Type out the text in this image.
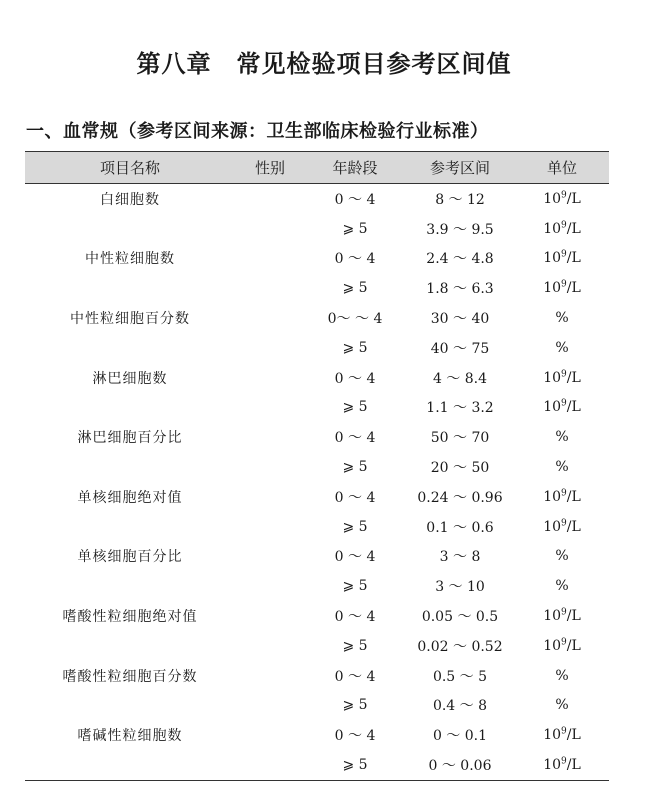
第八章　常见检验项目参考区间值
一、血常规（参考区间来源：卫生部临床检验行业标准）
项目名称	性别	年龄段	参考区间	单位
白细胞数		0 ～ 4	8 ～ 12	$10^9/L$
		⩾ 5	3.9 ～ 9.5	$10^9/L$
中性粒细胞数		0 ～ 4	2.4 ～ 4.8	$10^9/L$
		⩾ 5	1.8 ～ 6.3	$10^9/L$
中性粒细胞百分数		0～ ～ 4	30 ～ 40	%
		⩾ 5	40 ～ 75	%
淋巴细胞数		0 ～ 4	4 ～ 8.4	$10^9/L$
		⩾ 5	1.1 ～ 3.2	$10^9/L$
淋巴细胞百分比		0 ～ 4	50 ～ 70	%
		⩾ 5	20 ～ 50	%
单核细胞绝对值		0 ～ 4	0.24 ～ 0.96	$10^9/L$
		⩾ 5	0.1 ～ 0.6	$10^9/L$
单核细胞百分比		0 ～ 4	3 ～ 8	%
		⩾ 5	3 ～ 10	%
嗜酸性粒细胞绝对值		0 ～ 4	0.05 ～ 0.5	$10^9/L$
		⩾ 5	0.02 ～ 0.52	$10^9/L$
嗜酸性粒细胞百分数		0 ～ 4	0.5 ～ 5	%
		⩾ 5	0.4 ～ 8	%
嗜碱性粒细胞数		0 ～ 4	0 ～ 0.1	$10^9/L$
		⩾ 5	0 ～ 0.06	$10^9/L$
